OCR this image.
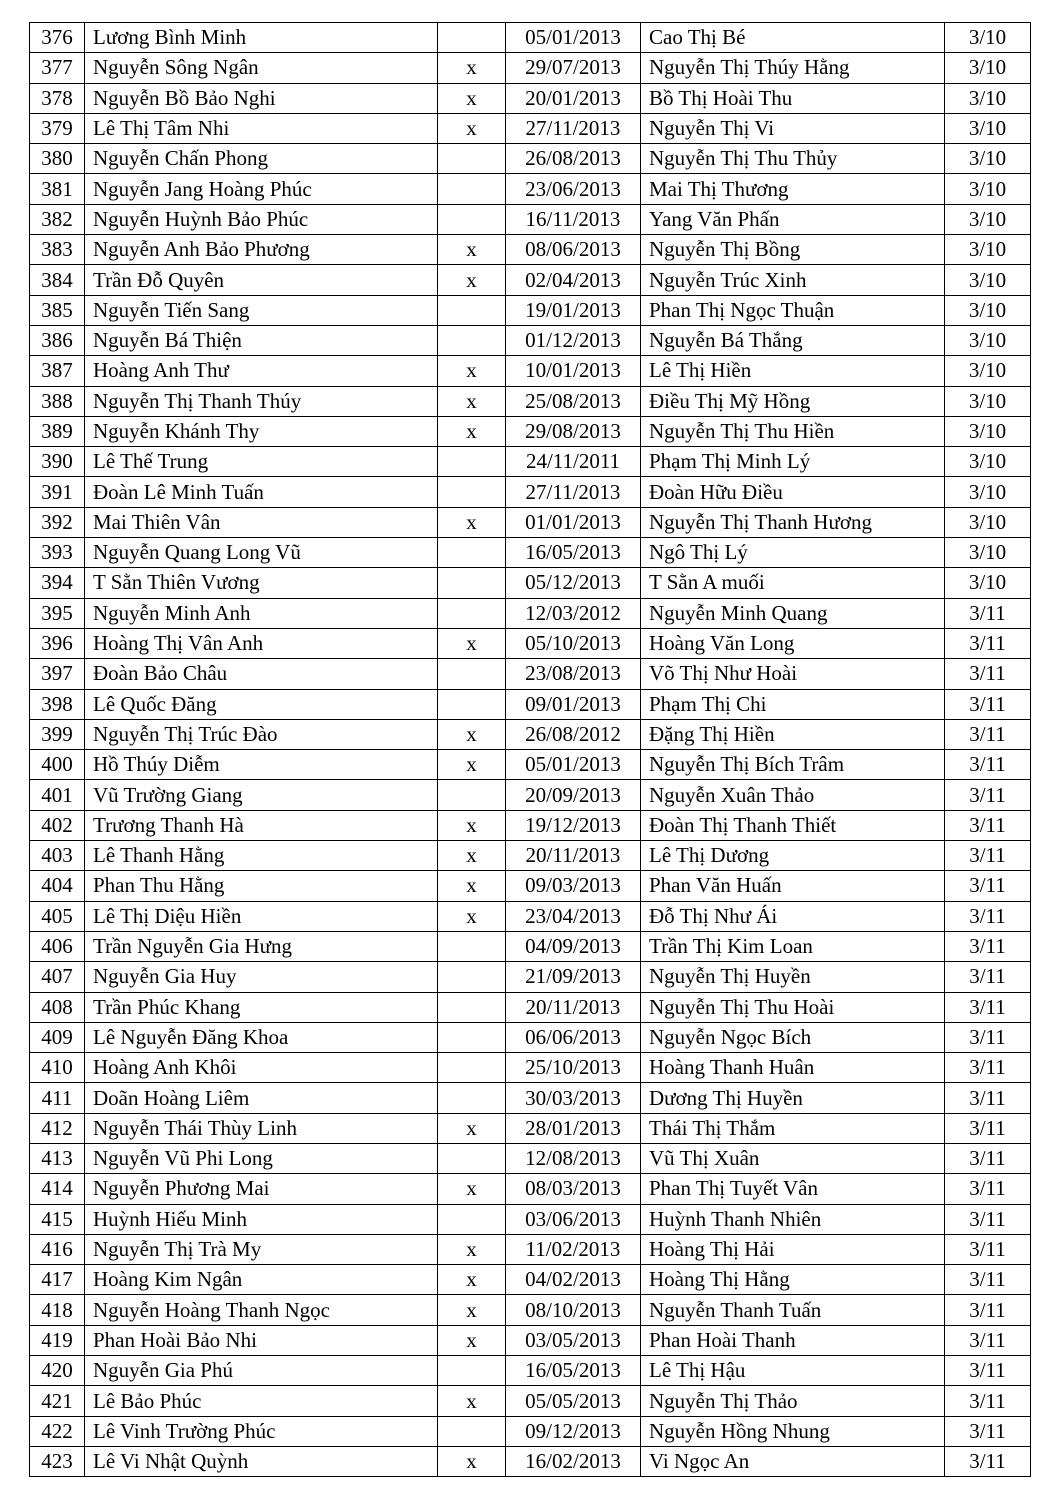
376	Lương Bình Minh		05/01/2013	Cao Thị Bé	3/10
377	Nguyễn Sông Ngân	x	29/07/2013	Nguyễn Thị Thúy Hằng	3/10
378	Nguyễn Bồ Bảo Nghi	x	20/01/2013	Bồ Thị Hoài Thu	3/10
379	Lê Thị Tâm Nhi	x	27/11/2013	Nguyễn Thị Vi	3/10
380	Nguyễn Chấn Phong		26/08/2013	Nguyễn Thị Thu Thủy	3/10
381	Nguyễn Jang Hoàng Phúc		23/06/2013	Mai Thị Thương	3/10
382	Nguyễn Huỳnh Bảo Phúc		16/11/2013	Yang Văn Phấn	3/10
383	Nguyễn Anh Bảo Phương	x	08/06/2013	Nguyễn Thị Bồng	3/10
384	Trần Đỗ Quyên	x	02/04/2013	Nguyễn Trúc Xinh	3/10
385	Nguyễn Tiến Sang		19/01/2013	Phan Thị Ngọc Thuận	3/10
386	Nguyễn Bá Thiện		01/12/2013	Nguyễn Bá Thắng	3/10
387	Hoàng Anh Thư	x	10/01/2013	Lê Thị Hiền	3/10
388	Nguyễn Thị Thanh Thúy	x	25/08/2013	Điều Thị Mỹ Hồng	3/10
389	Nguyễn Khánh Thy	x	29/08/2013	Nguyễn Thị Thu Hiền	3/10
390	Lê Thế Trung		24/11/2011	Phạm Thị Minh Lý	3/10
391	Đoàn Lê Minh Tuấn		27/11/2013	Đoàn Hữu Điều	3/10
392	Mai Thiên Vân	x	01/01/2013	Nguyễn Thị Thanh Hương	3/10
393	Nguyễn Quang Long Vũ		16/05/2013	Ngô Thị Lý	3/10
394	T Sằn Thiên Vương		05/12/2013	T Sằn A muối	3/10
395	Nguyễn Minh Anh		12/03/2012	Nguyễn Minh Quang	3/11
396	Hoàng Thị Vân Anh	x	05/10/2013	Hoàng Văn Long	3/11
397	Đoàn Bảo Châu		23/08/2013	Võ Thị Như Hoài	3/11
398	Lê Quốc Đăng		09/01/2013	Phạm Thị Chi	3/11
399	Nguyễn Thị Trúc Đào	x	26/08/2012	Đặng Thị Hiền	3/11
400	Hồ Thúy Diễm	x	05/01/2013	Nguyễn Thị Bích Trâm	3/11
401	Vũ Trường Giang		20/09/2013	Nguyễn Xuân Thảo	3/11
402	Trương Thanh Hà	x	19/12/2013	Đoàn Thị Thanh Thiết	3/11
403	Lê Thanh Hằng	x	20/11/2013	Lê Thị Dương	3/11
404	Phan Thu Hằng	x	09/03/2013	Phan Văn Huấn	3/11
405	Lê Thị Diệu Hiền	x	23/04/2013	Đỗ Thị Như Ái	3/11
406	Trần Nguyễn Gia Hưng		04/09/2013	Trần Thị Kim Loan	3/11
407	Nguyễn Gia Huy		21/09/2013	Nguyễn Thị Huyền	3/11
408	Trần Phúc Khang		20/11/2013	Nguyễn Thị Thu Hoài	3/11
409	Lê Nguyễn Đăng Khoa		06/06/2013	Nguyễn Ngọc Bích	3/11
410	Hoàng Anh Khôi		25/10/2013	Hoàng Thanh Huân	3/11
411	Doãn Hoàng Liêm		30/03/2013	Dương Thị Huyền	3/11
412	Nguyễn Thái Thùy Linh	x	28/01/2013	Thái Thị Thắm	3/11
413	Nguyễn Vũ Phi Long		12/08/2013	Vũ Thị Xuân	3/11
414	Nguyễn Phương Mai	x	08/03/2013	Phan Thị Tuyết Vân	3/11
415	Huỳnh Hiếu Minh		03/06/2013	Huỳnh Thanh Nhiên	3/11
416	Nguyễn Thị Trà My	x	11/02/2013	Hoàng Thị Hải	3/11
417	Hoàng Kim Ngân	x	04/02/2013	Hoàng Thị Hằng	3/11
418	Nguyễn Hoàng Thanh Ngọc	x	08/10/2013	Nguyễn Thanh Tuấn	3/11
419	Phan Hoài Bảo Nhi	x	03/05/2013	Phan Hoài Thanh	3/11
420	Nguyễn Gia Phú		16/05/2013	Lê Thị Hậu	3/11
421	Lê Bảo Phúc	x	05/05/2013	Nguyễn Thị Thảo	3/11
422	Lê Vinh Trường Phúc		09/12/2013	Nguyễn Hồng Nhung	3/11
423	Lê Vi Nhật Quỳnh	x	16/02/2013	Vi Ngọc An	3/11
